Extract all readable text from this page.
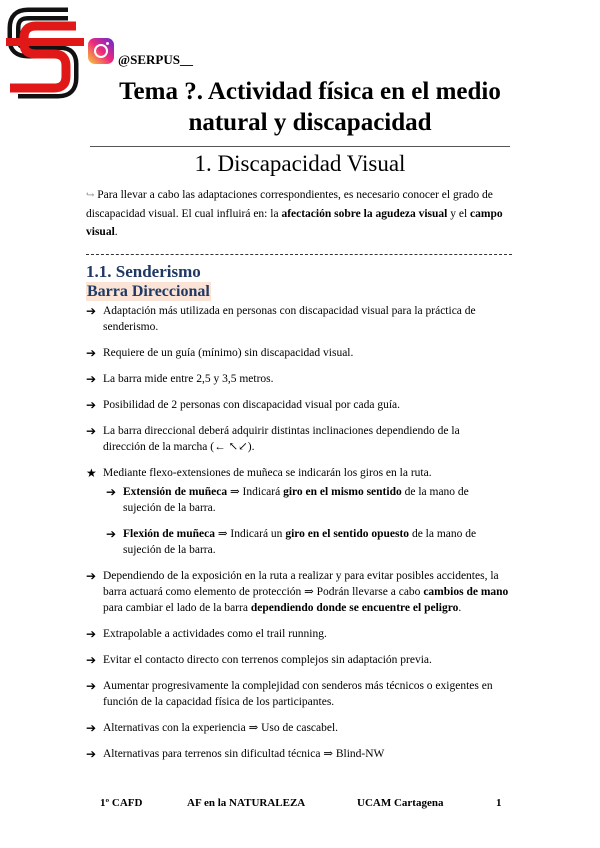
@SERPUS__
Tema ?. Actividad física en el medio natural y discapacidad
1. Discapacidad Visual
↪ Para llevar a cabo las adaptaciones correspondientes, es necesario conocer el grado de discapacidad visual. El cual influirá en: la afectación sobre la agudeza visual y el campo visual.
1.1. Senderismo
Barra Direccional
➔ Adaptación más utilizada en personas con discapacidad visual para la práctica de senderismo.
➔ Requiere de un guía (mínimo) sin discapacidad visual.
➔ La barra mide entre 2,5 y 3,5 metros.
➔ Posibilidad de 2 personas con discapacidad visual por cada guía.
➔ La barra direccional deberá adquirir distintas inclinaciones dependiendo de la dirección de la marcha (← ↖↙).
★ Mediante flexo-extensiones de muñeca se indicarán los giros en la ruta.
➔ Extensión de muñeca ⇒ Indicará giro en el mismo sentido de la mano de sujeción de la barra.
➔ Flexión de muñeca ⇒ Indicará un giro en el sentido opuesto de la mano de sujeción de la barra.
➔ Dependiendo de la exposición en la ruta a realizar y para evitar posibles accidentes, la barra actuará como elemento de protección ⇒ Podrán llevarse a cabo cambios de mano para cambiar el lado de la barra dependiendo donde se encuentre el peligro.
➔ Extrapolable a actividades como el trail running.
➔ Evitar el contacto directo con terrenos complejos sin adaptación previa.
➔ Aumentar progresivamente la complejidad con senderos más técnicos o exigentes en función de la capacidad física de los participantes.
➔ Alternativas con la experiencia ⇒ Uso de cascabel.
➔ Alternativas para terrenos sin dificultad técnica ⇒ Blind-NW
1º CAFD	AF en la NATURALEZA	UCAM Cartagena	1
